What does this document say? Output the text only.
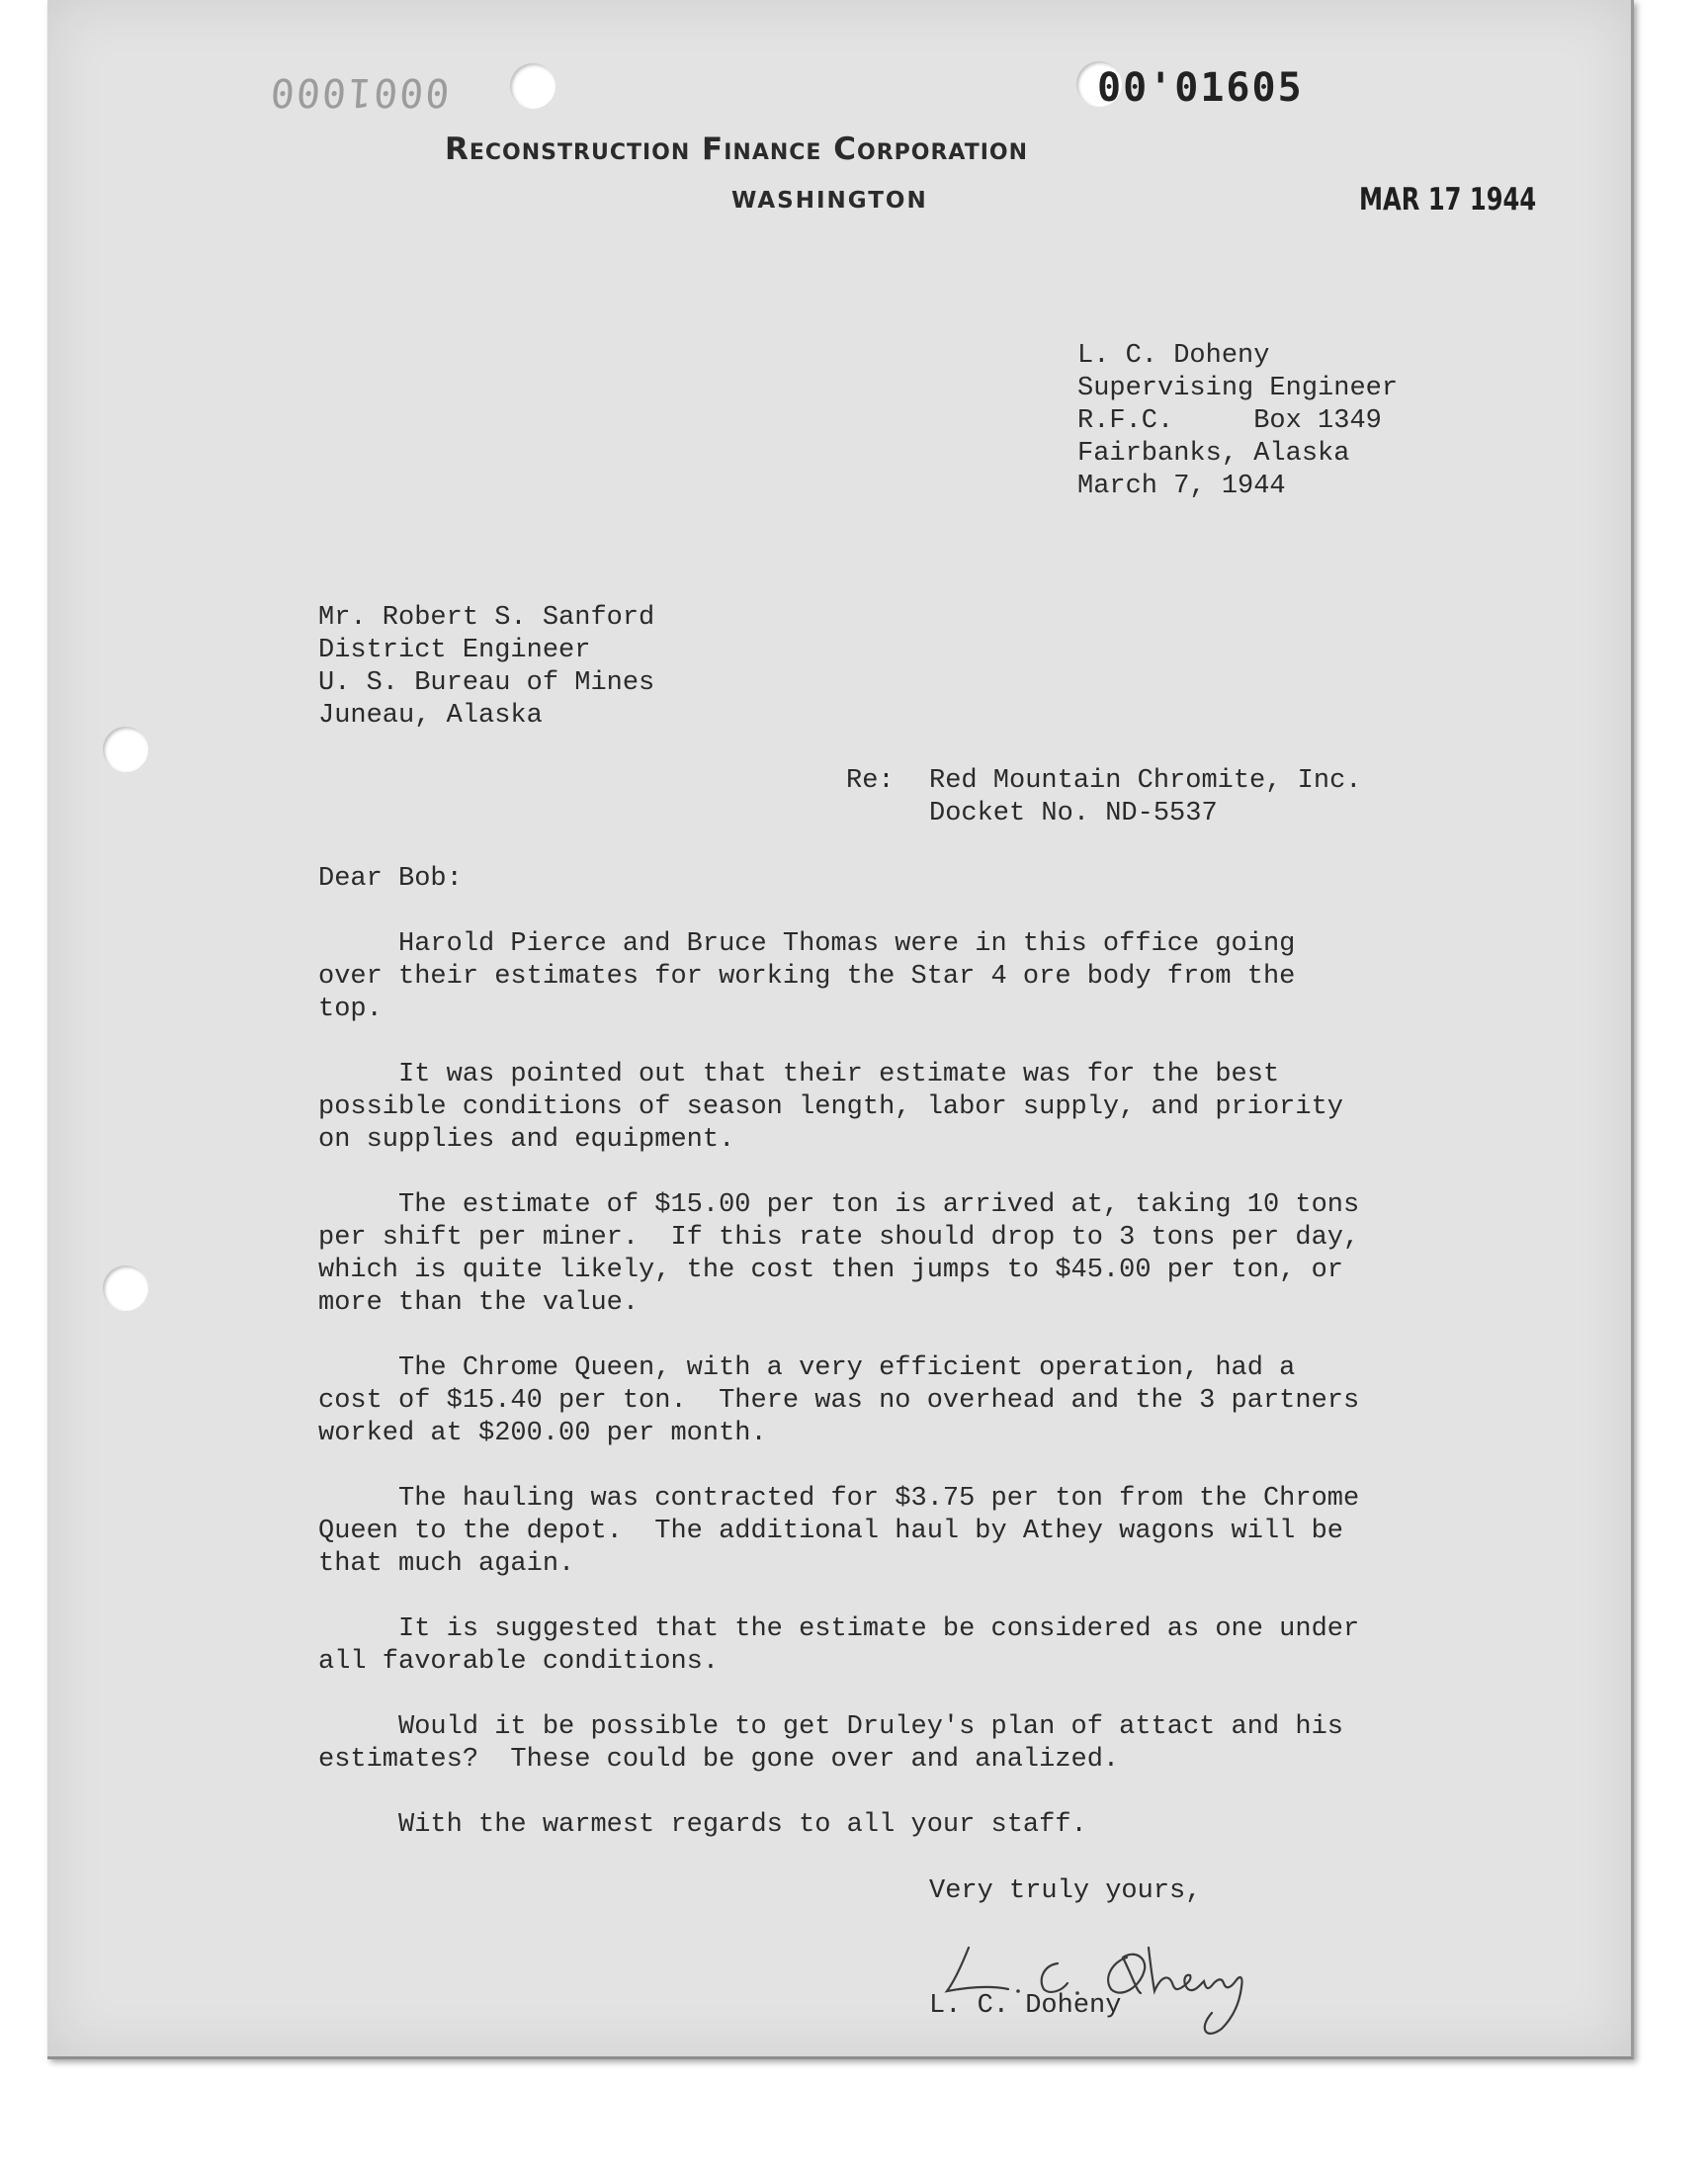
0001000	00'01605
Reconstruction Finance Corporation
WASHINGTON	MAR 17 1944

L. C. Doheny

Supervising Engineer

R.F.C.     Box 1349

Fairbanks, Alaska

March 7, 1944

Mr. Robert S. Sanford

District Engineer

U. S. Bureau of Mines

Juneau, Alaska

Re: Red Mountain Chromite, Inc.

Docket No. ND-5537

Dear Bob:

Harold Pierce and Bruce Thomas were in this office going
over their estimates for working the Star 4 ore body from the
top.

It was pointed out that their estimate was for the best
possible conditions of season length, labor supply, and priority
on supplies and equipment.

The estimate of $15.00 per ton is arrived at, taking 10 tons
per shift per miner.  If this rate should drop to 3 tons per day,
which is quite likely, the cost then jumps to $45.00 per ton, or
more than the value.

The Chrome Queen, with a very efficient operation, had a
cost of $15.40 per ton.  There was no overhead and the 3 partners
worked at $200.00 per month.

The hauling was contracted for $3.75 per ton from the Chrome
Queen to the depot.  The additional haul by Athey wagons will be
that much again.

It is suggested that the estimate be considered as one under
all favorable conditions.

Would it be possible to get Druley's plan of attact and his
estimates?  These could be gone over and analized.

With the warmest regards to all your staff.

Very truly yours,

L. C. Doheny

L. C. Doheny
